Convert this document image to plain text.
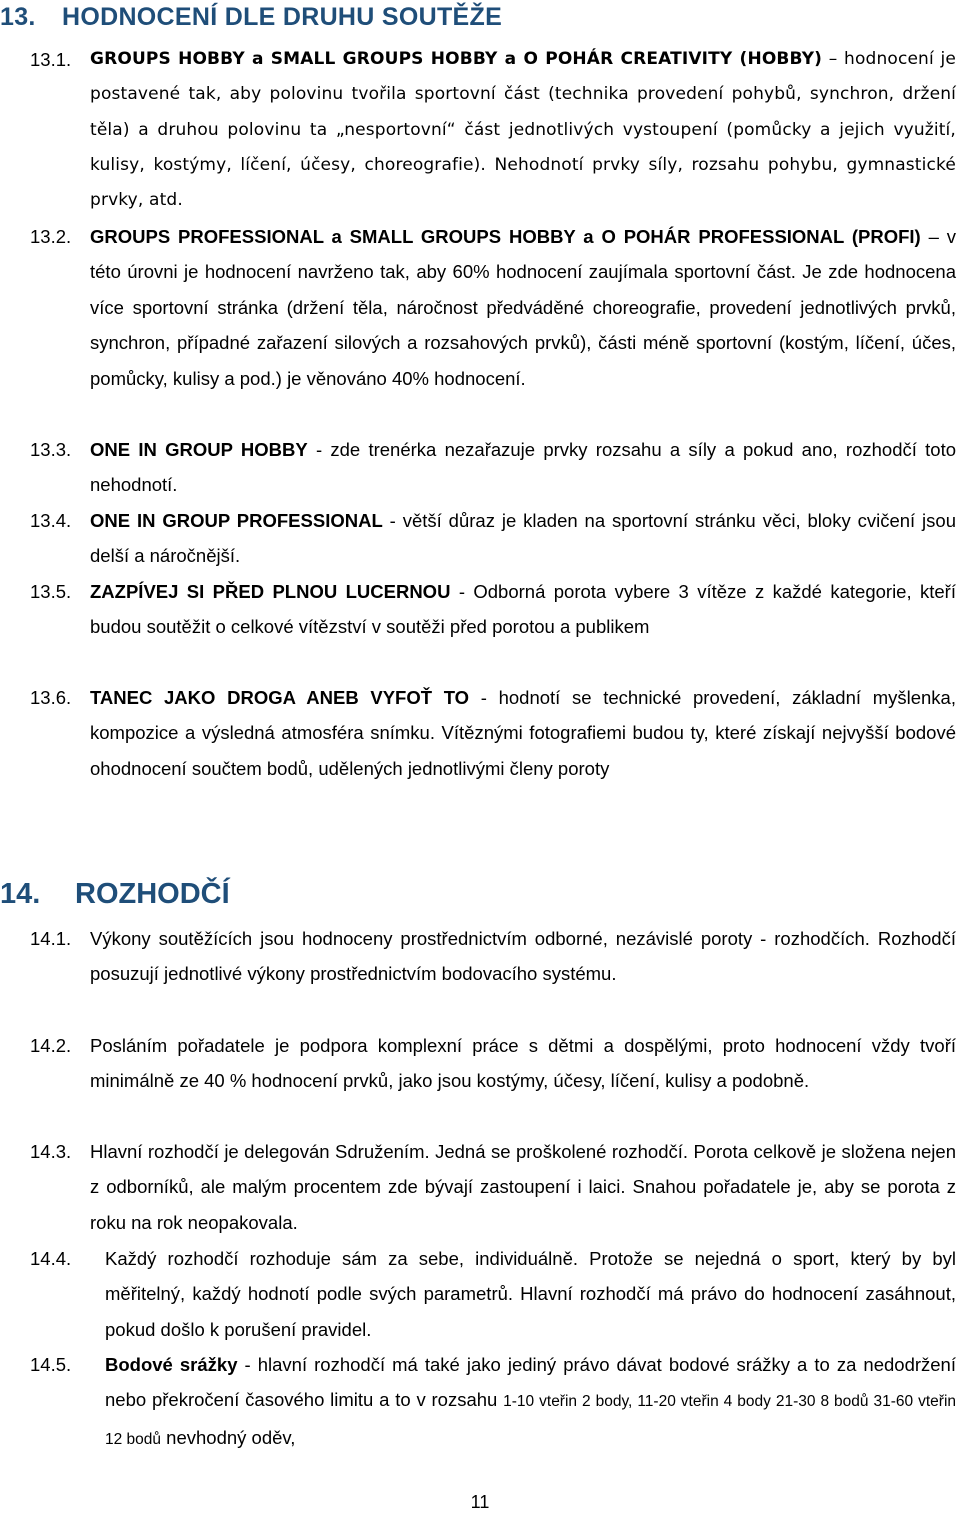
13. HODNOCENÍ DLE DRUHU SOUTĚŽE
13.1. GROUPS HOBBY a SMALL GROUPS HOBBY a O POHÁR CREATIVITY (HOBBY) – hodnocení je postavené tak, aby polovinu tvořila sportovní část (technika provedení pohybů, synchron, držení těla) a druhou polovinu ta „nesportovní“ část jednotlivých vystoupení (pomůcky a jejich využití, kulisy, kostýmy, líčení, účesy, choreografie). Nehodnotí prvky síly, rozsahu pohybu, gymnastické prvky, atd.
13.2. GROUPS PROFESSIONAL a SMALL GROUPS HOBBY a O POHÁR PROFESSIONAL (PROFI) – v této úrovni je hodnocení navrženo tak, aby 60% hodnocení zaujímala sportovní část. Je zde hodnocena více sportovní stránka (držení těla, náročnost předváděné choreografie, provedení jednotlivých prvků, synchron, případné zařazení silových a rozsahových prvků), části méně sportovní (kostým, líčení, účes, pomůcky, kulisy a pod.) je věnováno 40% hodnocení.
13.3. ONE IN GROUP HOBBY - zde trenérka nezařazuje prvky rozsahu a síly a pokud ano, rozhodčí toto nehodnotí.
13.4. ONE IN GROUP PROFESSIONAL - větší důraz je kladen na sportovní stránku věci, bloky cvičení jsou delší a náročnější.
13.5. ZAZPÍVEJ SI PŘED PLNOU LUCERNOU - Odborná porota vybere 3 vítěze z každé kategorie, kteří budou soutěžit o celkové vítězství v soutěži před porotou a publikem
13.6. TANEC JAKO DROGA ANEB VYFOŤ TO - hodnotí se technické provedení, základní myšlenka, kompozice a výsledná atmosféra snímku. Vítěznými fotografiemi budou ty, které získají nejvyšší bodové ohodnocení součtem bodů, udělených jednotlivými členy poroty
14. ROZHODČÍ
14.1. Výkony soutěžících jsou hodnoceny prostřednictvím odborné, nezávislé poroty - rozhodčích. Rozhodčí posuzují jednotlivé výkony prostřednictvím bodovacího systému.
14.2. Posláním pořadatele je podpora komplexní práce s dětmi a dospělými, proto hodnocení vždy tvoří minimálně ze 40 % hodnocení prvků, jako jsou kostýmy, účesy, líčení, kulisy a podobně.
14.3. Hlavní rozhodčí je delegován Sdružením. Jedná se proškolené rozhodčí. Porota celkově je složena nejen z odborníků, ale malým procentem zde bývají zastoupení i laici. Snahou pořadatele je, aby se porota z roku na rok neopakovala.
14.4. Každý rozhodčí rozhoduje sám za sebe, individuálně. Protože se nejedná o sport, který by byl měřitelný, každý hodnotí podle svých parametrů. Hlavní rozhodčí má právo do hodnocení zasáhnout, pokud došlo k porušení pravidel.
14.5. Bodové srážky - hlavní rozhodčí má také jako jediný právo dávat bodové srážky a to za nedodržení nebo překročení časového limitu a to v rozsahu 1-10 vteřin 2 body, 11-20 vteřin 4 body 21-30 8 bodů 31-60 vteřin 12 bodů nevhodný oděv,
11
